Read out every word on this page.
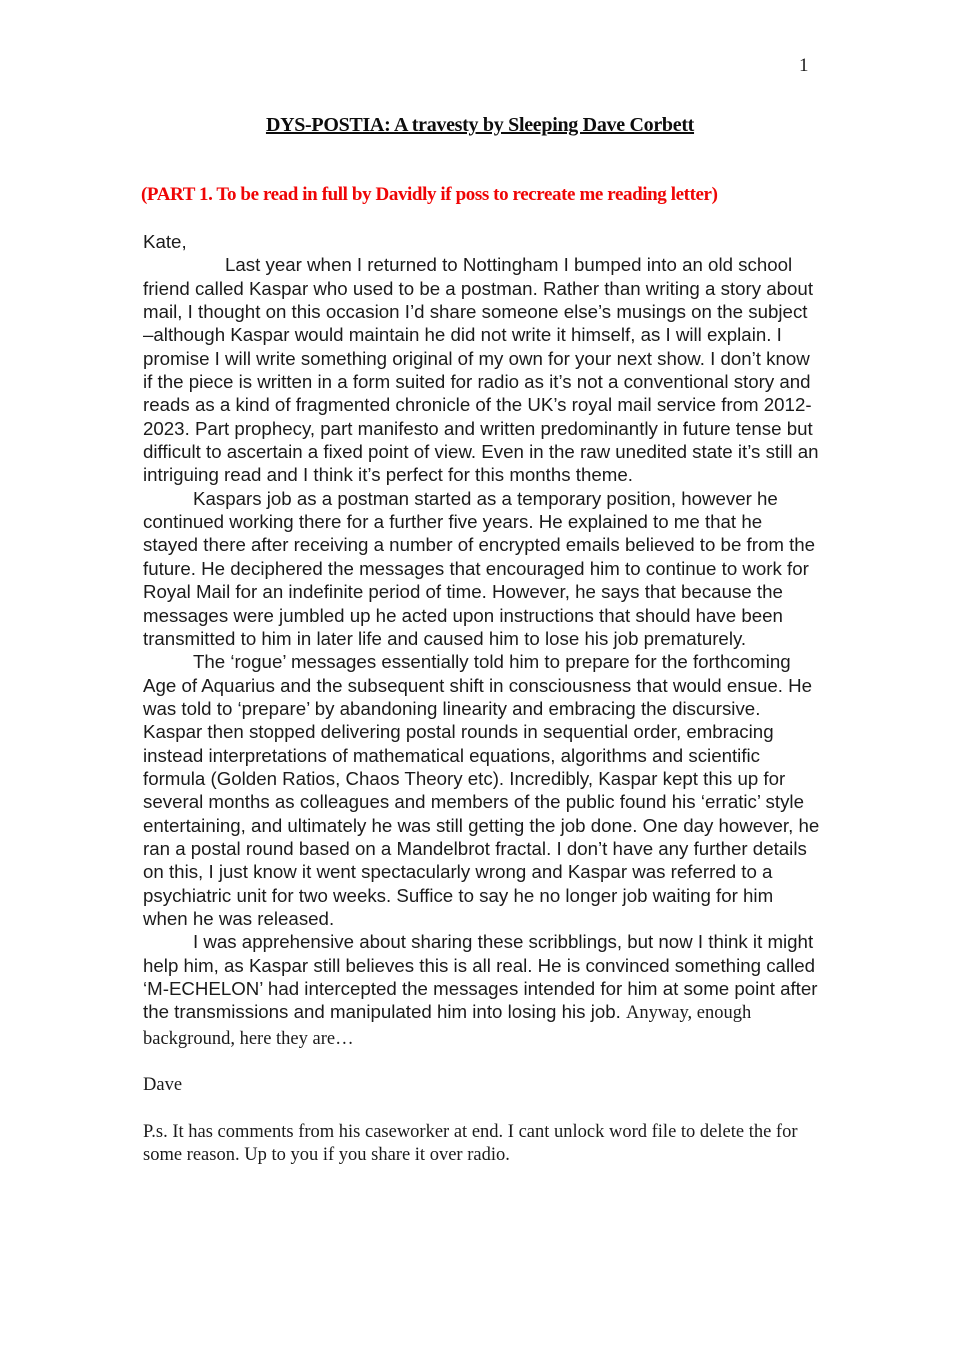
1
DYS-POSTIA: A travesty by Sleeping Dave Corbett
(PART 1. To be read in full by Davidly if poss to recreate me reading letter)

Kate,

Last year when I returned to Nottingham I bumped into an old school friend called Kaspar who used to be a postman. Rather than writing a story about mail, I thought on this occasion I’d share someone else’s musings on the subject –although Kaspar would maintain he did not write it himself, as I will explain. I promise I will write something original of my own for your next show. I don’t know if the piece is written in a form suited for radio as it’s not a conventional story and reads as a kind of fragmented chronicle of the UK’s royal mail service from 2012-2023. Part prophecy, part manifesto and written predominantly in future tense but difficult to ascertain a fixed point of view. Even in the raw unedited state it’s still an intriguing read and I think it’s perfect for this months theme.

Kaspars job as a postman started as a temporary position, however he continued working there for a further five years. He explained to me that he stayed there after receiving a number of encrypted emails believed to be from the future. He deciphered the messages that encouraged him to continue to work for Royal Mail for an indefinite period of time. However, he says that because the messages were jumbled up he acted upon instructions that should have been transmitted to him in later life and caused him to lose his job prematurely.

The ‘rogue’ messages essentially told him to prepare for the forthcoming Age of Aquarius and the subsequent shift in consciousness that would ensue. He was told to ‘prepare’ by abandoning linearity and embracing the discursive. Kaspar then stopped delivering postal rounds in sequential order, embracing instead interpretations of mathematical equations, algorithms and scientific formula (Golden Ratios, Chaos Theory etc). Incredibly, Kaspar kept this up for several months as colleagues and members of the public found his ‘erratic’ style entertaining, and ultimately he was still getting the job done. One day however, he ran a postal round based on a Mandelbrot fractal. I don’t have any further details on this, I just know it went spectacularly wrong and Kaspar was referred to a psychiatric unit for two weeks. Suffice to say he no longer job waiting for him when he was released.

I was apprehensive about sharing these scribblings, but now I think it might help him, as Kaspar still believes this is all real. He is convinced something called ‘M-ECHELON’ had intercepted the messages intended for him at some point after the transmissions and manipulated him into losing his job. Anyway, enough background, here they are…

Dave

P.s. It has comments from his caseworker at end. I cant unlock word file to delete the for some reason. Up to you if you share it over radio.
